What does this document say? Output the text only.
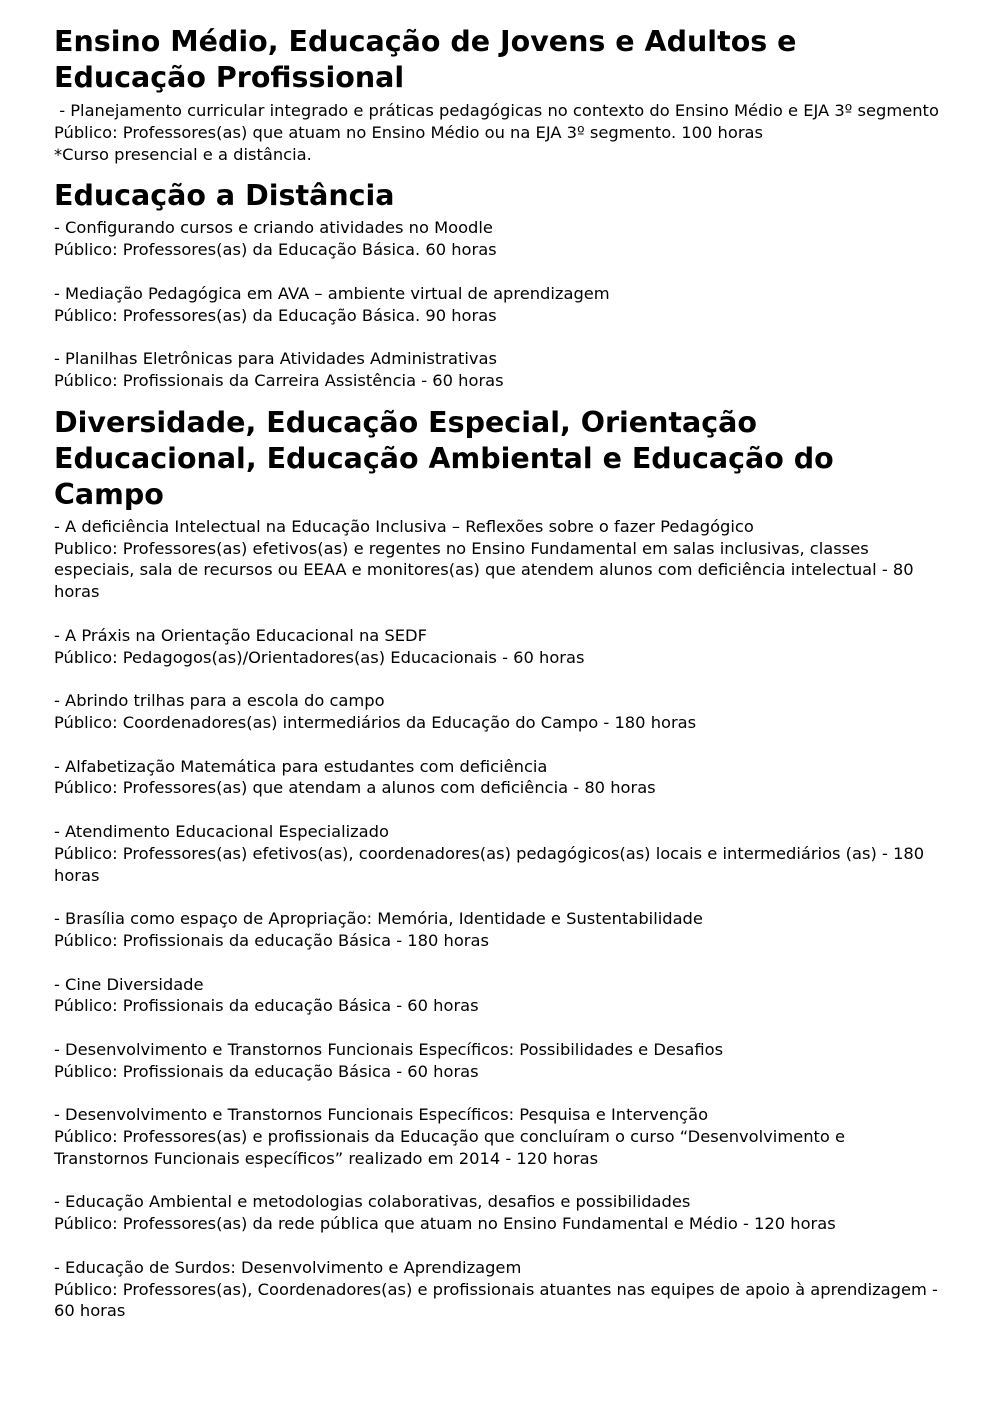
Ensino Médio, Educação de Jovens e Adultos e Educação Profissional

- Planejamento curricular integrado e práticas pedagógicas no contexto do Ensino Médio e EJA 3º segmento

Público: Professores(as) que atuam no Ensino Médio ou na EJA 3º segmento. 100 horas

*Curso presencial e a distância.

Educação a Distância

- Configurando cursos e criando atividades no Moodle

Público: Professores(as) da Educação Básica. 60 horas

- Mediação Pedagógica em AVA – ambiente virtual de aprendizagem

Público: Professores(as) da Educação Básica. 90 horas

- Planilhas Eletrônicas para Atividades Administrativas

Público: Profissionais da Carreira Assistência - 60 horas

Diversidade, Educação Especial, Orientação Educacional, Educação Ambiental e Educação do Campo

- A deficiência Intelectual na Educação Inclusiva – Reflexões sobre o fazer Pedagógico

Publico: Professores(as) efetivos(as) e regentes no Ensino Fundamental em salas inclusivas, classes especiais, sala de recursos ou EEAA e monitores(as) que atendem alunos com deficiência intelectual - 80 horas

- A Práxis na Orientação Educacional na SEDF

Público: Pedagogos(as)/Orientadores(as) Educacionais - 60 horas

- Abrindo trilhas para a escola do campo

Público: Coordenadores(as) intermediários da Educação do Campo - 180 horas

- Alfabetização Matemática para estudantes com deficiência

Público: Professores(as) que atendam a alunos com deficiência - 80 horas

- Atendimento Educacional Especializado

Público: Professores(as) efetivos(as), coordenadores(as) pedagógicos(as) locais e intermediários (as) - 180 horas

- Brasília como espaço de Apropriação: Memória, Identidade e Sustentabilidade

Público: Profissionais da educação Básica - 180 horas

- Cine Diversidade

Público: Profissionais da educação Básica - 60 horas

- Desenvolvimento e Transtornos Funcionais Específicos: Possibilidades e Desafios

Público: Profissionais da educação Básica - 60 horas

- Desenvolvimento e Transtornos Funcionais Específicos: Pesquisa e Intervenção

Público: Professores(as) e profissionais da Educação que concluíram o curso “Desenvolvimento e Transtornos Funcionais específicos” realizado em 2014 - 120 horas

- Educação Ambiental e metodologias colaborativas, desafios e possibilidades

Público: Professores(as) da rede pública que atuam no Ensino Fundamental e Médio - 120 horas

- Educação de Surdos: Desenvolvimento e Aprendizagem

Público: Professores(as), Coordenadores(as) e profissionais atuantes nas equipes de apoio à aprendizagem - 60 horas
